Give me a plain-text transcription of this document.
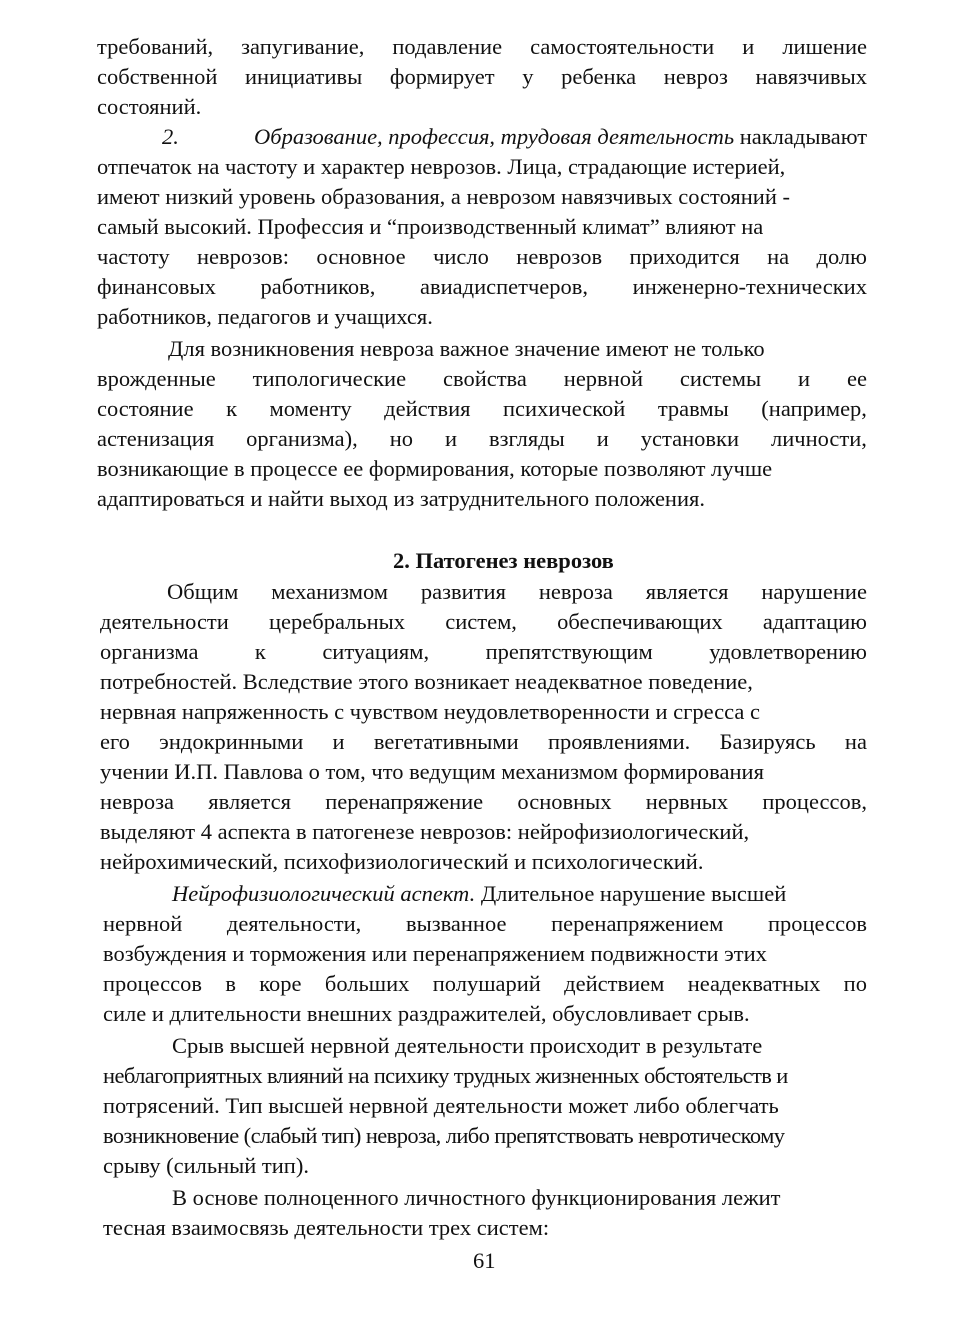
требований, запугивание, подавление самостоятельности и лишение
собственной инициативы формирует у ребенка невроз навязчивых
состояний.
2.	Образование, профессия, трудовая деятельность накладывают
отпечаток на частоту и характер неврозов. Лица, страдающие истерией,
имеют низкий уровень образования, а неврозом навязчивых состояний -
самый высокий. Профессия и “производственный климат” влияют на
частоту неврозов: основное число неврозов приходится на долю
финансовых работников, авиадиспетчеров, инженерно-технических
работников, педагогов и учащихся.
Для возникновения невроза важное значение имеют не только
врожденные типологические свойства нервной системы и ее
состояние к моменту действия психической травмы (например,
астенизация организма), но и взгляды и установки личности,
возникающие в процессе ее формирования, которые позволяют лучше
адаптироваться и найти выход из затруднительного положения.
2. Патогенез неврозов
Общим механизмом развития невроза является нарушение
деятельности церебральных систем, обеспечивающих адаптацию
организма	к	ситуациям,	препятствующим	удовлетворению
потребностей. Вследствие этого возникает неадекватное поведение,
нервная напряженность с чувством неудовлетворенности и сгресса с
его эндокринными и вегетативными проявлениями. Базируясь на
учении И.П. Павлова о том, что ведущим механизмом формирования
невроза является перенапряжение основных нервных процессов,
выделяют 4 аспекта в патогенезе неврозов: нейрофизиологический,
нейрохимический, психофизиологический и психологический.
Нейрофизиологический аспект. Длительное нарушение высшей
нервной деятельности, вызванное перенапряжением процессов
возбуждения и торможения или перенапряжением подвижности этих
процессов в коре больших полушарий действием неадекватных по
силе и длительности внешних раздражителей, обусловливает срыв.
Срыв высшей нервной деятельности происходит в результате
неблагоприятных влияний на психику трудных жизненных обстоятельств и
потрясений. Тип высшей нервной деятельности может либо облегчать
возникновение (слабый тип) невроза, либо препятствовать невротическому
срыву (сильный тип).
В основе полноценного личностного функционирования лежит
тесная взаимосвязь деятельности трех систем:
61
